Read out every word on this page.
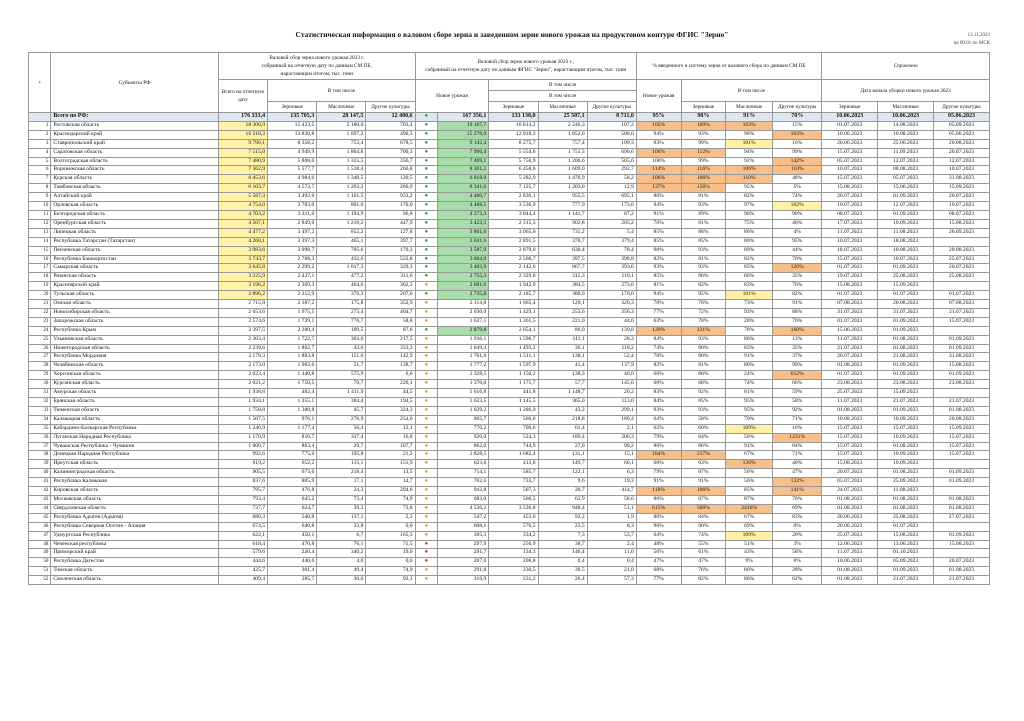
Статистическая информация о валовом сборе зерна и заведенном зерне нового урожая на продуктовом контуре ФГИС "Зерно"	13.11.2023
на 00:01 по МСК
•	Субъекты РФ	Валовой сбор зерна нового урожая 2023 г.
собранный на отчетную дату по данным СМ ПБ,
нарастающим итогом, тыс. тонн				Валовой сбор зерна нового урожая 2023 г.,
собранный на отчетную дату по данным ФГИС "Зерно", нарастающим итогом, тыс. тонн					% введенного в систему зерна от валового сбора по данным СМ ПБ				Справочно		
		Всего на отчетную дату	В том числе			Новое урожая		В том числе			Новое урожая	В том числе			Дата начала уборки нового урожая 2023		
								В том числе									
			Зерновые	Масличные	Другие культуры			Зерновые	Масличные	Другие культуры		Зерновые	Масличные	Другие культуры	Зерновые	Масличные	Другие культуры
	Всего по РФ:	176 333,4	135 705,3	28 147,5	12 480,6	●	167 356,1	133 138,0	25 507,1	8 711,0	95%	98%	91%	70%	10.06.2023	10.06.2023	05.06.2023
1	Ростовская область	18 306,9	15 423,5	2 180,0	703,4	●	19 167,7	16 814,2	2 246,3	107,2	105%	109%	103%	15%	01.07.2023	14.08.2023	05.09.2023
2	Краснодарский край	16 218,3	13 830,8	1 897,2	490,3	●	15 276,9	12 918,3	1 852,0	506,6	94%	93%	98%	103%	10.06.2023	10.08.2023	05.06.2023
3	Ставропольский край	9 790,1	8 358,2	753,4	678,5	●	9 142,4	8 275,7	757,4	109,3	93%	99%	101%	16%	20.06.2023	25.06.2023	20.08.2023
4	Саратовская область	7 515,0	4 949,9	1 864,8	700,3	●	7 996,4	5 554,6	1 751,3	690,6	106%	112%	94%	99%	15.07.2023	11.09.2023	20.07.2023
5	Волгоградская область	7 480,9	5 808,6	1 315,5	356,7	●	7 469,1	5 756,9	1 206,6	505,6	100%	99%	92%	142%	05.07.2023	12.07.2023	12.07.2023
6	Воронежская область	7 362,9	5 577,7	1 518,4	266,8	●	8 361,2	6 458,6	1 609,0	292,7	114%	116%	106%	110%	10.07.2023	08.08.2023	10.07.2023
7	Курская область	6 453,6	4 984,6	1 348,5	120,5	●	6 818,0	5 282,9	1 476,9	58,2	106%	106%	110%	48%	15.07.2023	05.07.2023	31.08.2023
8	Тамбовская область	6 103,7	4 573,7	1 263,2	266,9	●	8 341,6	7 125,7	1 203,0	12,9	137%	156%	95%	5%	15.08.2023	15.06.2023	15.09.2023
9	Алтайский край	5 587,3	3 492,6	1 161,5	933,2	●	4 480,7	2 830,1	955,5	695,1	80%	81%	82%	74%	20.07.2023	01.09.2023	20.07.2023
10	Орловская область	4 754,0	3 783,0	801,0	170,0	●	4 488,5	3 536,9	777,9	173,6	94%	93%	97%	102%	10.07.2023	12.07.2023	10.07.2023
11	Белгородская область	4 703,2	3 411,6	1 194,9	96,8	●	4 273,3	3 044,4	1 141,7	87,2	91%	89%	96%	90%	08.07.2023	01.09.2023	08.07.2023
12	Оренбургская область	4 507,1	2 849,0	1 210,2	447,9	●	3 423,3	2 315,3	902,8	205,2	76%	81%	75%	46%	17.07.2023	10.09.2023	15.08.2023
13	Липецкая область	4 477,2	3 497,2	852,2	127,8	●	3 801,6	3 065,0	731,2	5,4	85%	88%	86%	4%	11.07.2023	11.08.2023	20.09.2023
14	Республика Татарстан (Татарстан)	4 260,1	3 397,3	465,1	397,7	●	3 641,6	2 891,5	370,7	379,4	85%	85%	80%	95%	10.07.2023	18.08.2023	
15	Пензенская область	3 983,6	3 098,7	705,6	179,3	●	3 587,9	2 879,0	630,4	78,4	90%	93%	89%	44%	18.07.2023	10.08.2023	20.08.2023
16	Республика Башкортостан	3 743,7	2 788,3	432,6	522,8	●	3 064,9	2 568,7	397,5	398,8	82%	81%	82%	76%	15.07.2023	10.07.2023	25.07.2023
17	Самарская область	3 645,8	2 299,2	1 017,3	329,3	●	3 403,9	2 142,6	867,7	393,6	93%	93%	85%	120%	01.07.2023	01.09.2023	20.07.2023
18	Рязанская область	3 225,9	2 437,1	477,2	311,6	●	2 755,3	2 329,8	315,3	110,1	85%	96%	66%	35%	19.07.2023	25.08.2023	25.08.2023
19	Красноярский край	3 196,2	2 369,3	464,6	362,3	●	2 601,0	1 942,9	384,5	273,6	81%	82%	83%	76%	15.08.2023	15.09.2023	
20	Тульская область	2 896,2	2 312,9	376,3	207,0	●	2 735,8	2 185,7	380,0	170,0	94%	95%	101%	82%	01.07.2023	01.07.2023	01.07.2023
21	Омская область	2 715,9	2 187,2	175,8	352,9	●	2 114,8	1 665,4	129,1	320,3	78%	76%	73%	91%	07.08.2023	20.08.2023	07.08.2023
22	Новосибирская область	2 653,6	1 975,5	273,4	404,7	●	2 030,0	1 429,1	253,6	356,3	77%	72%	93%	88%	31.07.2023	31.07.2023	31.07.2023
23	Запорожская область	2 574,6	1 739,1	776,7	58,8	●	1 627,1	1 361,5	221,0	44,6	63%	78%	28%	76%	01.07.2023	01.09.2023	15.07.2023
24	Республика Крым	2 397,5	2 200,4	109,5	87,6	●	2 879,8	2 654,1	86,0	139,8	120%	121%	78%	160%	15.06.2023	01.09.2023	
25	Ульяновская область	2 303,4	1 722,7	363,0	217,5	●	1 936,1	1 596,7	311,1	28,3	84%	93%	86%	13%	11.07.2023	01.08.2023	01.09.2023
26	Нижегородская область	2 239,6	1 862,7	43,6	333,3	●	1 649,4	1 493,2	36,1	118,2	74%	80%	83%	35%	21.07.2023	01.08.2023	01.09.2023
27	Республика Мордовия	2 178,3	1 883,8	151,6	142,9	●	1 701,6	1 511,1	138,1	52,4	78%	80%	91%	37%	20.07.2023	21.08.2023	31.08.2023
28	Челябинская область	2 173,0	1 982,6	51,7	138,7	●	1 777,2	1 597,9	41,4	137,9	82%	81%	80%	99%	01.08.2023	01.09.2023	15.08.2023
29	Херсонская область	2 023,4	1 440,8	575,9	6,6	●	1 328,5	1 150,2	138,3	40,0	66%	80%	24%	612%	01.07.2023	01.09.2023	01.09.2023
30	Курганская область	2 021,2	1 750,5	70,7	220,1	●	1 370,0	1 171,7	57,7	145,6	68%	68%	74%	66%	23.08.2023	23.08.2023	23.08.2023
31	Амурская область	1 938,8	482,4	1 411,9	44,5	●	1 616,8	441,8	1 148,7	26,2	83%	92%	81%	59%	25.07.2023	15.09.2023	
32	Брянская область	1 934,1	1 355,1	384,4	194,5	●	1 623,5	1 145,5	365,0	113,0	84%	85%	95%	58%	11.07.2023	21.07.2023	21.07.2023
33	Тюменская область	1 758,8	1 388,8	45,7	324,3	●	1 629,2	1 286,9	43,2	299,1	93%	93%	95%	92%	01.08.2023	01.09.2023	01.08.2023
34	Калмыцкая область	1 507,5	976,1	276,9	254,6	●	965,7	566,6	218,8	180,4	64%	58%	79%	71%	10.08.2023	10.09.2023	20.08.2023
35	Кабардино-Балкарская Республика	1 246,9	1 177,4	56,4	13,1	●	770,2	706,6	61,4	2,1	62%	60%	109%	16%	15.07.2023	15.07.2023	15.09.2023
36	Луганская Народная Республика	1 170,9	816,7	337,4	16,8	●	920,0	524,3	189,4	206,3	79%	64%	56%	1231%	15.07.2023	10.09.2023	15.07.2023
37	Чувашская Республика - Чувашия	1 000,7	863,4	29,7	107,7	●	862,0	744,9	27,0	90,2	86%	86%	91%	84%	15.07.2023	01.08.2023	15.07.2023
38	Донецкая Народная Республика	992,6	775,6	195,8	21,2	●	1 828,5	1 682,4	131,1	15,1	184%	217%	67%	71%	15.07.2023	10.09.2023	15.07.2023
39	Иркутская область	919,2	652,2	115,1	151,9	●	623,6	413,8	149,7	60,1	68%	63%	130%	40%	15.08.2023	10.09.2023	
40	Калининградская область	905,5	673,6	218,4	13,5	●	714,1	585,7	122,1	6,3	79%	87%	56%	47%	20.07.2023	01.08.2023	01.09.2023
41	Республика Калмыкия	837,6	805,9	17,1	14,7	●	762,6	733,7	9,6	19,3	91%	91%	56%	132%	05.07.2023	25.09.2023	01.09.2023
42	Кировская область	795,7	476,8	24,3	294,6	●	942,8	507,3	20,7	414,7	118%	106%	85%	141%	24.07.2023	11.08.2023	
43	Московская область	793,4	645,2	73,4	74,9	●	683,0	560,5	63,9	58,6	86%	87%	87%	78%	01.08.2023	01.08.2023	01.08.2023
44	Свердловская область	737,7	624,7	39,3	73,8	●	4 536,2	3 536,8	948,4	51,1	615%	566%	2416%	69%	01.08.2023	01.08.2023	01.08.2023
45	Республика Адыгея (Адыгея)	680,3	540,8	137,1	2,3	●	547,2	453,0	92,2	1,9	80%	84%	67%	83%	20.06.2023	25.08.2023	27.07.2023
46	Республика Северная Осетия - Алания	674,5	640,8	33,8	0,0	●	608,1	576,5	23,5	8,3	90%	90%	69%	0%	20.06.2023	01.07.2023	
47	Удмуртская Республика	622,1	450,1	6,7	165,3	●	395,3	334,2	7,3	53,7	64%	74%	109%	20%	25.07.2023	15.08.2023	01.09.2023
48	Чеченская республика	618,4	470,8	76,1	71,5	●	297,9	256,9	38,7	2,4	48%	55%	51%	3%	12.06.2023	13.06.2023	15.08.2023
49	Приморский край	579,6	220,4	340,2	19,0	●	291,7	134,3	146,4	11,0	50%	61%	43%	58%	11.07.2023	01.10.2023	
50	Республика Дагестан	444,6	440,6	4,0	0,0	●	207,6	206,8	0,4	0,4	47%	47%	9%	0%	10.06.2023	05.09.2023	20.07.2023
51	Томская область	425,7	301,4	49,4	74,9	●	291,0	230,5	39,5	21,0	68%	76%	80%	28%	01.08.2023	01.09.2023	01.08.2023
52	Смоленская область	409,4	285,7	30,6	93,1	●	316,9	231,2	26,4	57,3	77%	82%	86%	62%	01.08.2023	21.07.2023	21.07.2023
